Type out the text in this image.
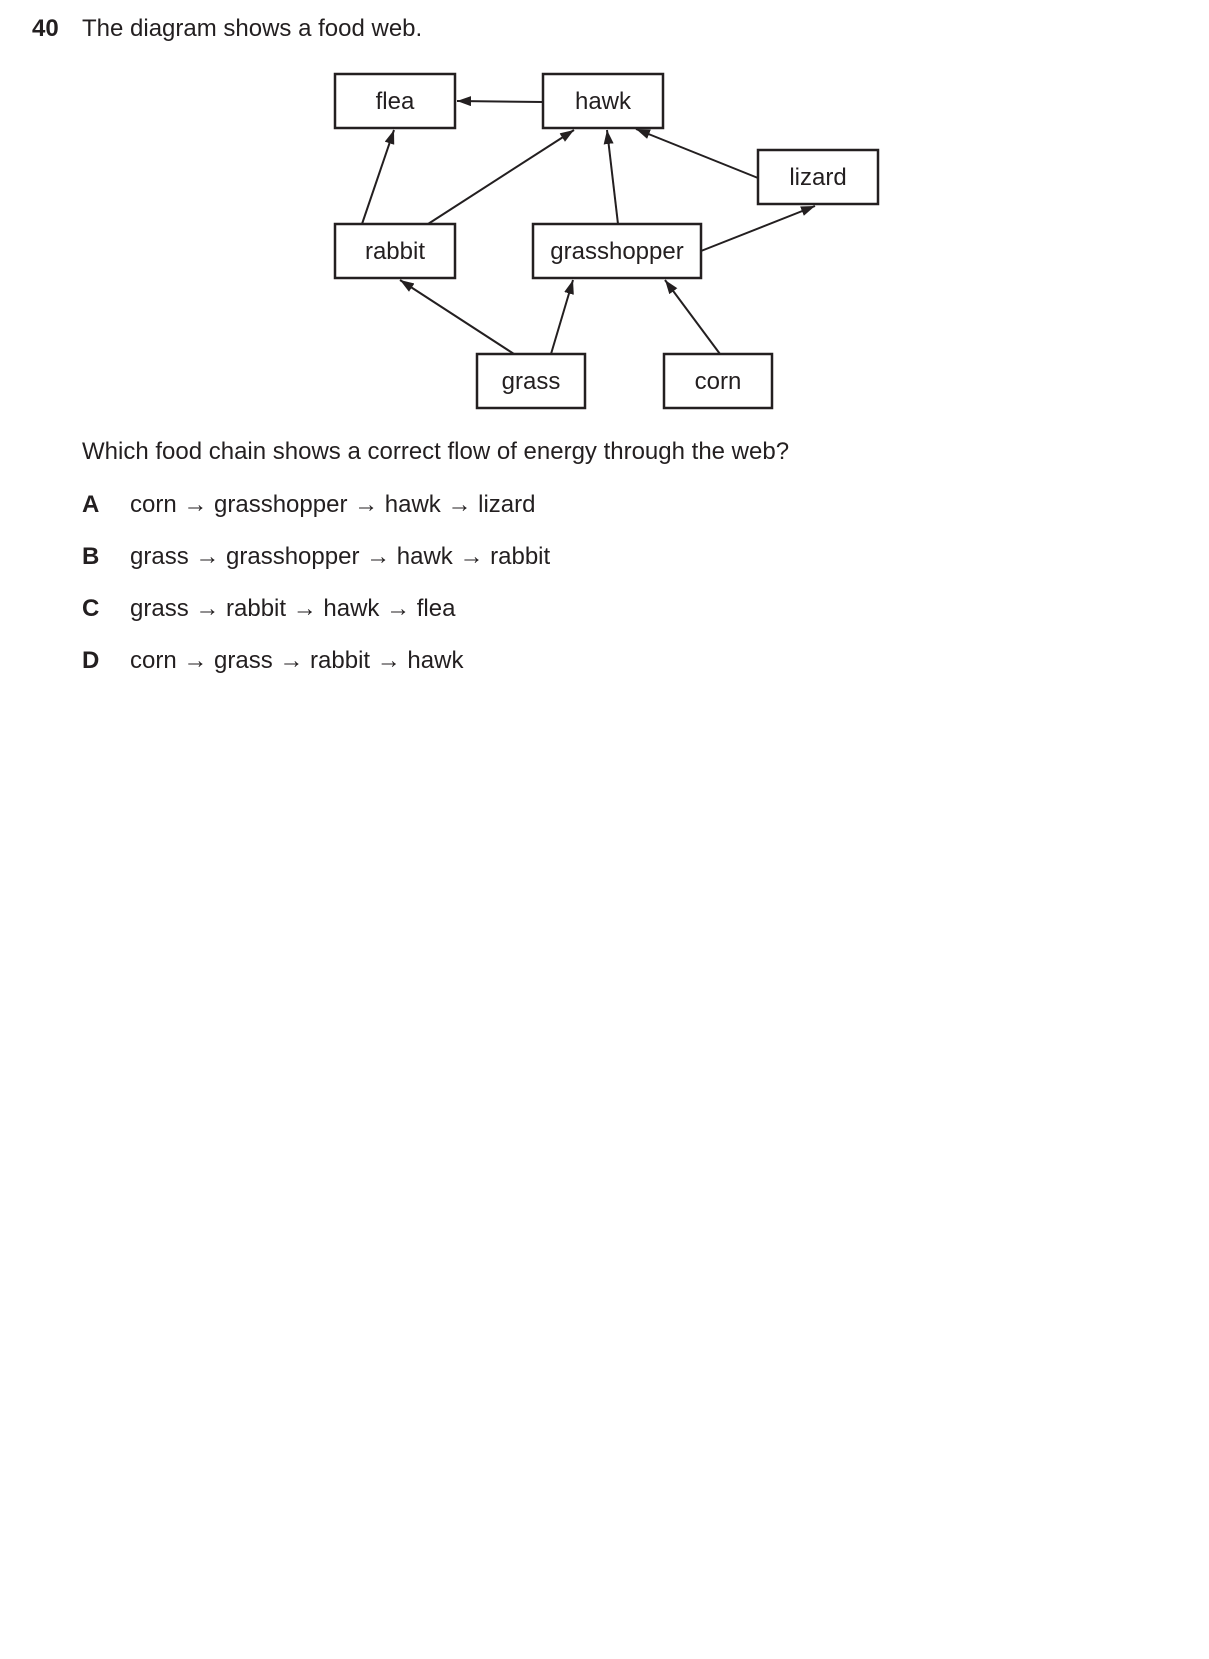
40 The diagram shows a food web.
flea	hawk
lizard
rabbit	grasshopper
grass	corn
Which food chain shows a correct flow of energy through the web?
A corn → grasshopper → hawk → lizard
B grass → grasshopper → hawk → rabbit
C grass → rabbit → hawk → flea
D corn → grass → rabbit → hawk
